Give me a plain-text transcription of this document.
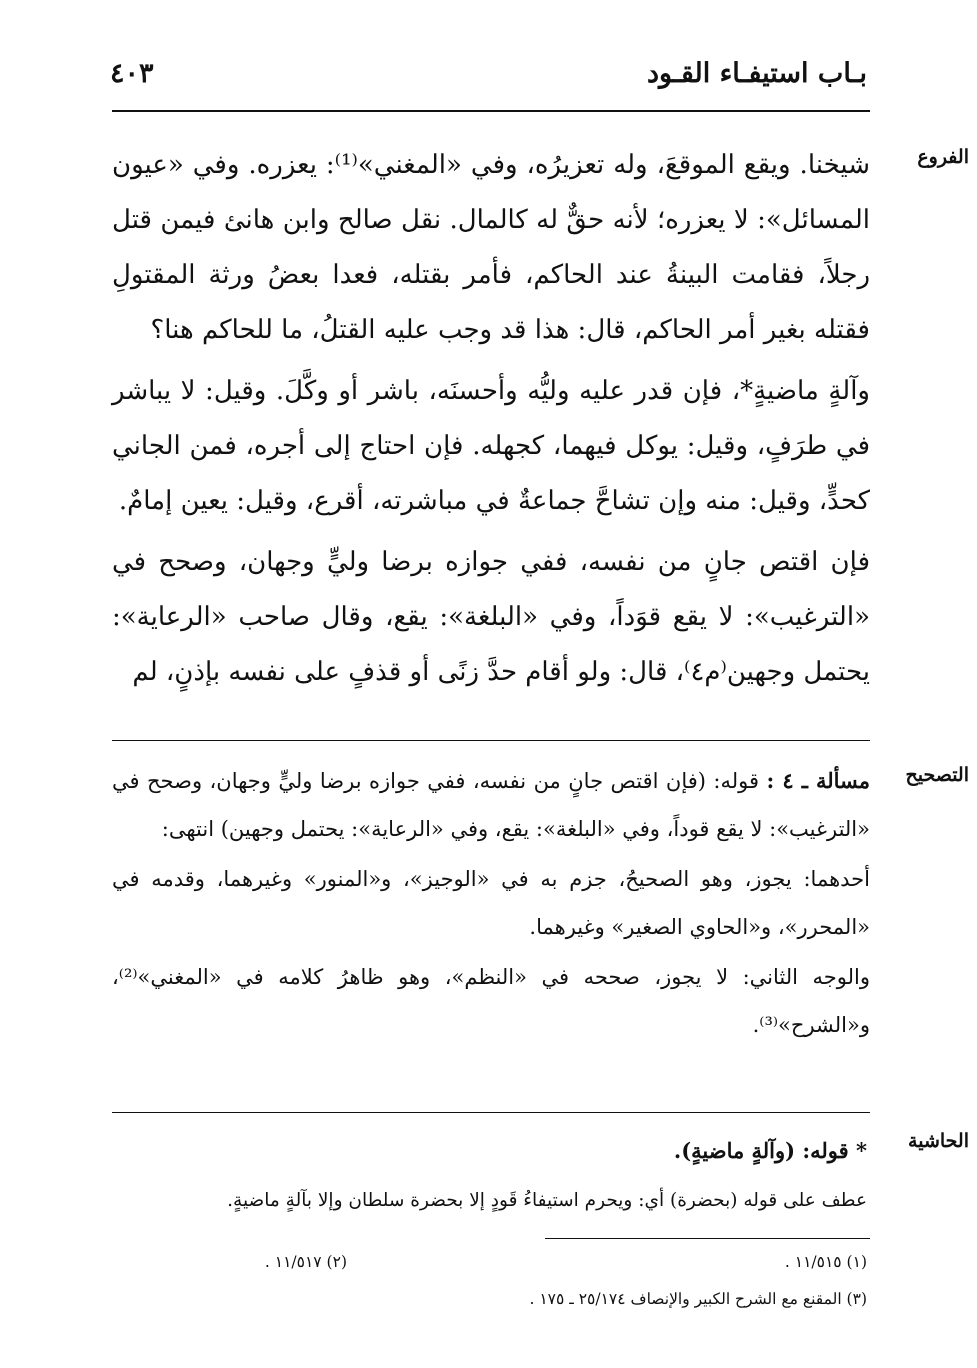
بـاب استيفـاء القـود
٤٠٣
الفروع
التصحيح
الحاشية

شيخنا. ويقع الموقعَ، وله تعزيرُه، وفي «المغني»⁽¹⁾: يعزره. وفي «عيون المسائل»: لا يعزره؛ لأنه حقٌّ له كالمال. نقل صالح وابن هانئ فيمن قتل رجلاً، فقامت البينةُ عند الحاكم، فأمر بقتله، فعدا بعضُ ورثة المقتولِ فقتله بغير أمر الحاكم، قال: هذا قد وجب عليه القتلُ، ما للحاكم هنا؟

وآلةٍ ماضيةٍ*، فإن قدر عليه وليُّه وأحسنَه، باشر أو وكَّلَ. وقيل: لا يباشر في طرَفٍ، وقيل: يوكل فيهما، كجهله. فإن احتاج إلى أجره، فمن الجاني كحدٍّ، وقيل: منه وإن تشاحَّ جماعةٌ في مباشرته، أقرع، وقيل: يعين إمامٌ.

فإن اقتص جانٍ من نفسه، ففي جوازه برضا وليٍّ وجهان، وصحح في «الترغيب»: لا يقع قوَداً، وفي «البلغة»: يقع، وقال صاحب «الرعاية»: يحتمل وجهين⁽م٤⁾، قال: ولو أقام حدَّ زنًى أو قذفٍ على نفسه بإذنٍ، لم

مسألة ـ ٤ : قوله: (فإن اقتص جانٍ من نفسه، ففي جوازه برضا وليٍّ وجهان، وصحح في «الترغيب»: لا يقع قوداً، وفي «البلغة»: يقع، وفي «الرعاية»: يحتمل وجهين) انتهى:

أحدهما: يجوز، وهو الصحيحُ، جزم به في «الوجيز»، و«المنور» وغيرهما، وقدمه في «المحرر»، و«الحاوي الصغير» وغيرهما.

والوجه الثاني: لا يجوز، صححه في «النظم»، وهو ظاهرُ كلامه في «المغني»⁽²⁾، و«الشرح»⁽³⁾.

* قوله: (وآلةٍ ماضيةٍ).
عطف على قوله (بحضرة) أي: ويحرم استيفاءُ قَودٍ إلا بحضرة سلطان وإلا بآلةٍ ماضيةٍ.
(١) ١١/٥١٥ .
(٢) ١١/٥١٧ .
(٣) المقنع مع الشرح الكبير والإنصاف ٢٥/١٧٤ ـ ١٧٥ .
